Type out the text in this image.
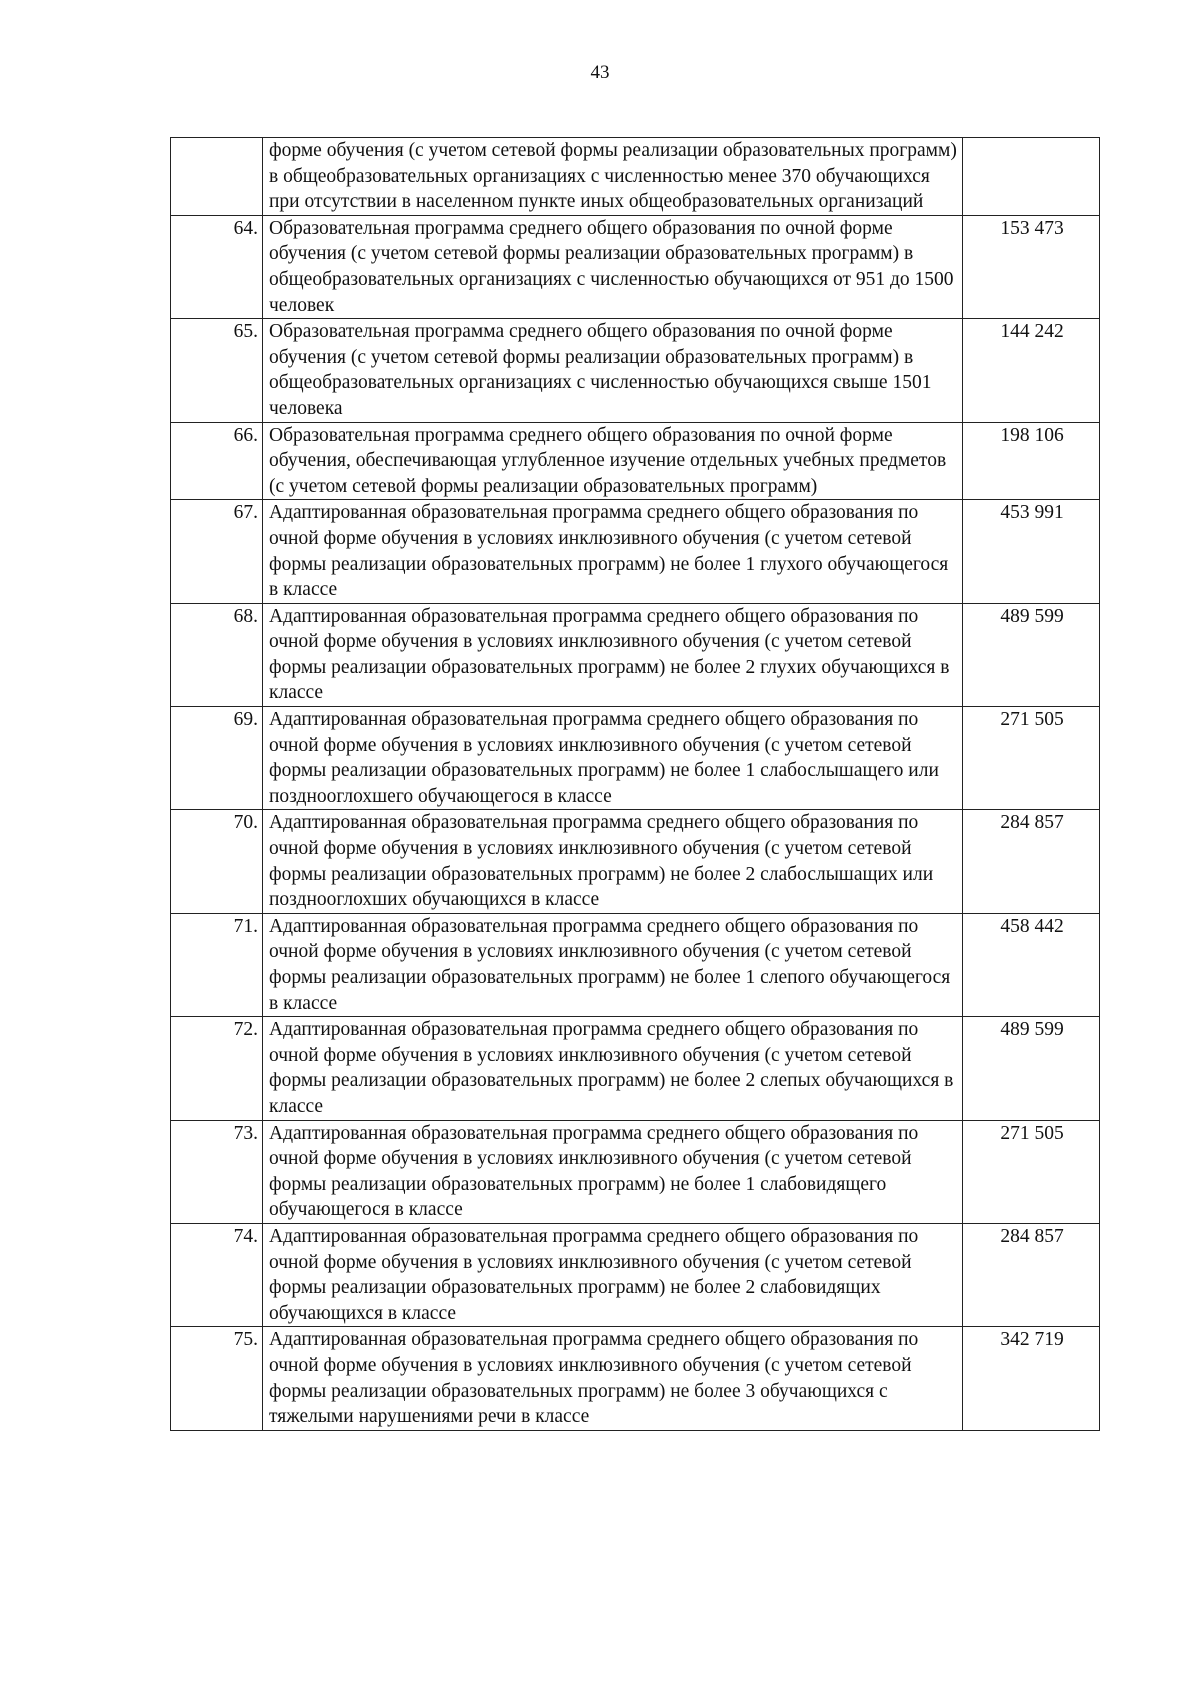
43
	форме обучения (с учетом сетевой формы реализации образовательных программ) в общеобразовательных организациях с численностью менее 370 обучающихся при отсутствии в населенном пункте иных общеобразовательных организаций	
64.	Образовательная программа среднего общего образования по очной форме обучения (с учетом сетевой формы реализации образовательных программ) в общеобразовательных организациях с численностью обучающихся от 951 до 1500 человек	153 473
65.	Образовательная программа среднего общего образования по очной форме обучения (с учетом сетевой формы реализации образовательных программ) в общеобразовательных организациях с численностью обучающихся свыше 1501 человека	144 242
66.	Образовательная программа среднего общего образования по очной форме обучения, обеспечивающая углубленное изучение отдельных учебных предметов (с учетом сетевой формы реализации образовательных программ)	198 106
67.	Адаптированная образовательная программа среднего общего образования по очной форме обучения в условиях инклюзивного обучения (с учетом сетевой формы реализации образовательных программ) не более 1 глухого обучающегося в классе	453 991
68.	Адаптированная образовательная программа среднего общего образования по очной форме обучения в условиях инклюзивного обучения (с учетом сетевой формы реализации образовательных программ) не более 2 глухих обучающихся в классе	489 599
69.	Адаптированная образовательная программа среднего общего образования по очной форме обучения в условиях инклюзивного обучения (с учетом сетевой формы реализации образовательных программ) не более 1 слабослышащего или позднооглохшего обучающегося в классе	271 505
70.	Адаптированная образовательная программа среднего общего образования по очной форме обучения в условиях инклюзивного обучения (с учетом сетевой формы реализации образовательных программ) не более 2 слабослышащих или позднооглохших обучающихся в классе	284 857
71.	Адаптированная образовательная программа среднего общего образования по очной форме обучения в условиях инклюзивного обучения (с учетом сетевой формы реализации образовательных программ) не более 1 слепого обучающегося в классе	458 442
72.	Адаптированная образовательная программа среднего общего образования по очной форме обучения в условиях инклюзивного обучения (с учетом сетевой формы реализации образовательных программ) не более 2 слепых обучающихся в классе	489 599
73.	Адаптированная образовательная программа среднего общего образования по очной форме обучения в условиях инклюзивного обучения (с учетом сетевой формы реализации образовательных программ) не более 1 слабовидящего обучающегося в классе	271 505
74.	Адаптированная образовательная программа среднего общего образования по очной форме обучения в условиях инклюзивного обучения (с учетом сетевой формы реализации образовательных программ) не более 2 слабовидящих обучающихся в классе	284 857
75.	Адаптированная образовательная программа среднего общего образования по очной форме обучения в условиях инклюзивного обучения (с учетом сетевой формы реализации образовательных программ) не более 3 обучающихся с тяжелыми нарушениями речи в классе	342 719
